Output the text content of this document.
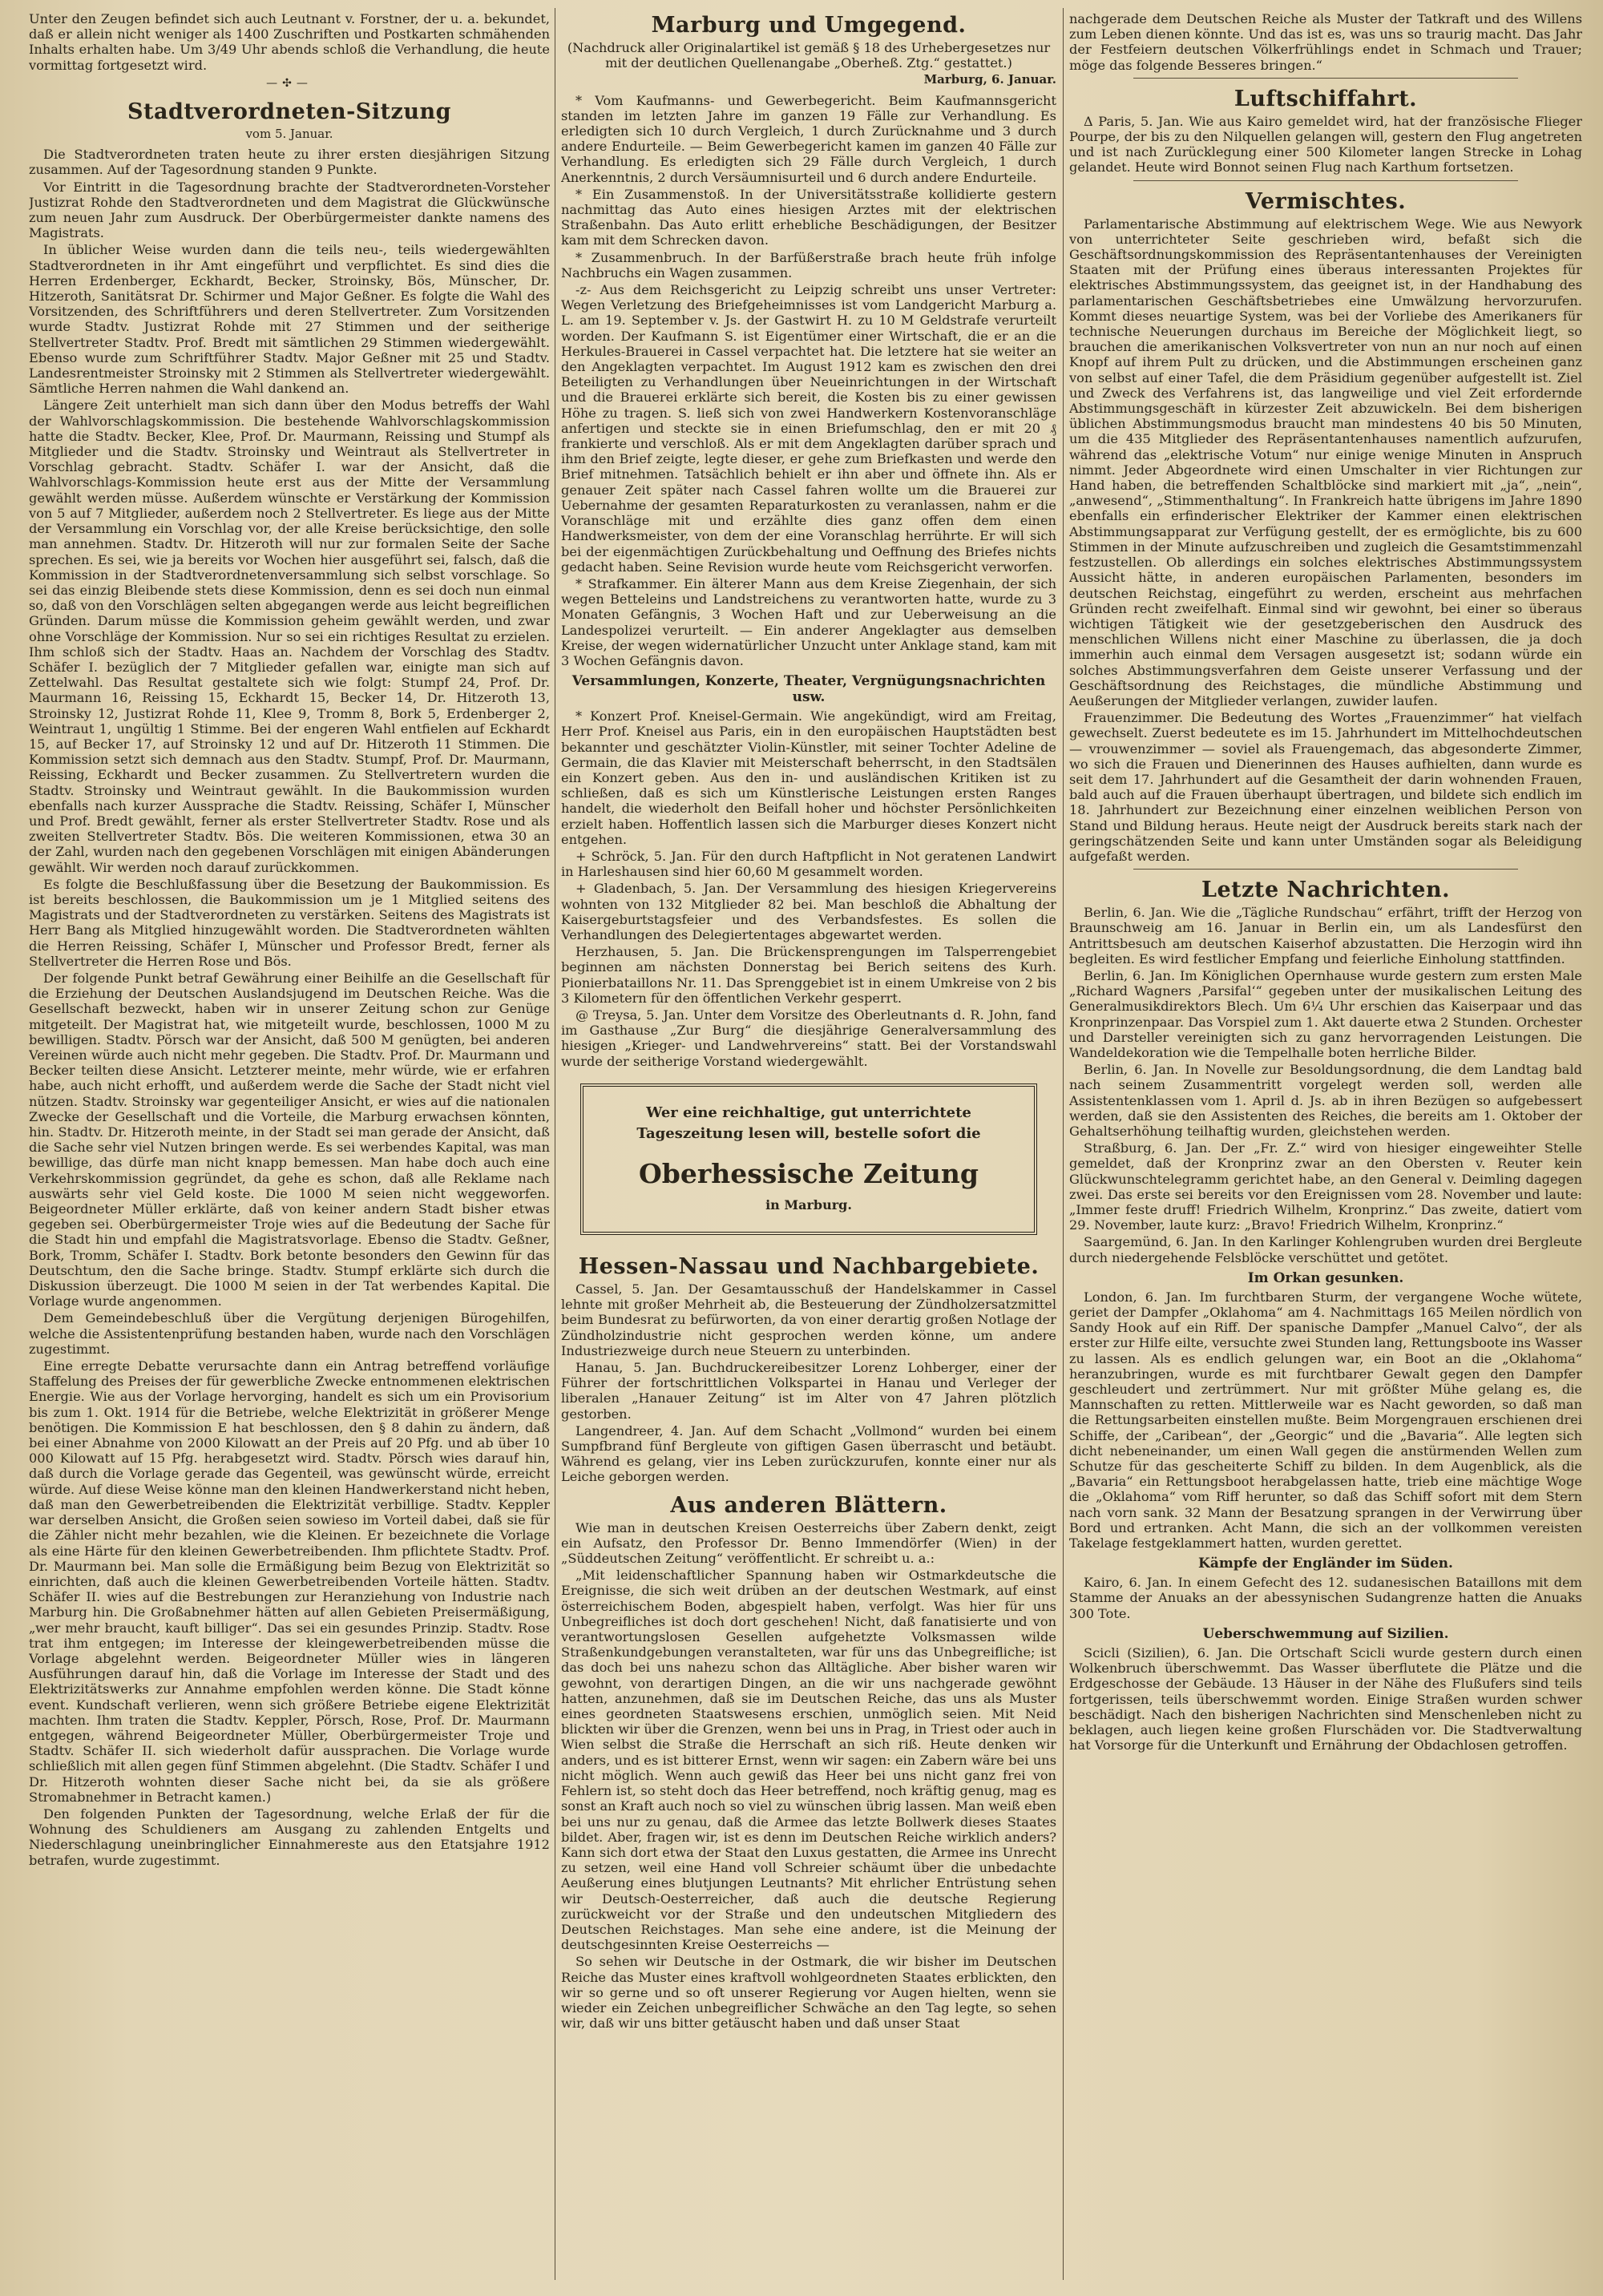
Unter den Zeugen befindet sich auch Leutnant v. Forstner, der u. a. bekundet, daß er allein nicht weniger als 1400 Zuschriften und Postkarten schmähenden Inhalts erhalten habe. Um 3/49 Uhr abends schloß die Verhandlung, die heute vormittag fortgesetzt wird.

—✣—
Stadtverordneten-Sitzung
vom 5. Januar.

Die Stadtverordneten traten heute zu ihrer ersten diesjährigen Sitzung zusammen. Auf der Tagesordnung standen 9 Punkte.

Vor Eintritt in die Tagesordnung brachte der Stadtverordneten-Vorsteher Justizrat Rohde den Stadtverordneten und dem Magistrat die Glückwünsche zum neuen Jahr zum Ausdruck. Der Oberbürgermeister dankte namens des Magistrats.

In üblicher Weise wurden dann die teils neu-, teils wiedergewählten Stadtverordneten in ihr Amt eingeführt und verpflichtet. Es sind dies die Herren Erdenberger, Eckhardt, Becker, Stroinsky, Bös, Münscher, Dr. Hitzeroth, Sanitätsrat Dr. Schirmer und Major Geßner. Es folgte die Wahl des Vorsitzenden, des Schriftführers und deren Stellvertreter. Zum Vorsitzenden wurde Stadtv. Justizrat Rohde mit 27 Stimmen und der seitherige Stellvertreter Stadtv. Prof. Bredt mit sämtlichen 29 Stimmen wiedergewählt. Ebenso wurde zum Schriftführer Stadtv. Major Geßner mit 25 und Stadtv. Landesrentmeister Stroinsky mit 2 Stimmen als Stellvertreter wiedergewählt. Sämtliche Herren nahmen die Wahl dankend an.

Längere Zeit unterhielt man sich dann über den Modus betreffs der Wahl der Wahlvorschlagskommission. Die bestehende Wahlvorschlagskommission hatte die Stadtv. Becker, Klee, Prof. Dr. Maurmann, Reissing und Stumpf als Mitglieder und die Stadtv. Stroinsky und Weintraut als Stellvertreter in Vorschlag gebracht. Stadtv. Schäfer I. war der Ansicht, daß die Wahlvorschlags-Kommission heute erst aus der Mitte der Versammlung gewählt werden müsse. Außerdem wünschte er Verstärkung der Kommission von 5 auf 7 Mitglieder, außerdem noch 2 Stellvertreter. Es liege aus der Mitte der Versammlung ein Vorschlag vor, der alle Kreise berücksichtige, den solle man annehmen. Stadtv. Dr. Hitzeroth will nur zur formalen Seite der Sache sprechen. Es sei, wie ja bereits vor Wochen hier ausgeführt sei, falsch, daß die Kommission in der Stadtverordnetenversammlung sich selbst vorschlage. So sei das einzig Bleibende stets diese Kommission, denn es sei doch nun einmal so, daß von den Vorschlägen selten abgegangen werde aus leicht begreiflichen Gründen. Darum müsse die Kommission geheim gewählt werden, und zwar ohne Vorschläge der Kommission. Nur so sei ein richtiges Resultat zu erzielen. Ihm schloß sich der Stadtv. Haas an. Nachdem der Vorschlag des Stadtv. Schäfer I. bezüglich der 7 Mitglieder gefallen war, einigte man sich auf Zettelwahl. Das Resultat gestaltete sich wie folgt: Stumpf 24, Prof. Dr. Maurmann 16, Reissing 15, Eckhardt 15, Becker 14, Dr. Hitzeroth 13, Stroinsky 12, Justizrat Rohde 11, Klee 9, Tromm 8, Bork 5, Erdenberger 2, Weintraut 1, ungültig 1 Stimme. Bei der engeren Wahl entfielen auf Eckhardt 15, auf Becker 17, auf Stroinsky 12 und auf Dr. Hitzeroth 11 Stimmen. Die Kommission setzt sich demnach aus den Stadtv. Stumpf, Prof. Dr. Maurmann, Reissing, Eckhardt und Becker zusammen. Zu Stellvertretern wurden die Stadtv. Stroinsky und Weintraut gewählt. In die Baukommission wurden ebenfalls nach kurzer Aussprache die Stadtv. Reissing, Schäfer I, Münscher und Prof. Bredt gewählt, ferner als erster Stellvertreter Stadtv. Rose und als zweiten Stellvertreter Stadtv. Bös. Die weiteren Kommissionen, etwa 30 an der Zahl, wurden nach den gegebenen Vorschlägen mit einigen Abänderungen gewählt. Wir werden noch darauf zurückkommen.

Es folgte die Beschlußfassung über die Besetzung der Baukommission. Es ist bereits beschlossen, die Baukommission um je 1 Mitglied seitens des Magistrats und der Stadtverordneten zu verstärken. Seitens des Magistrats ist Herr Bang als Mitglied hinzugewählt worden. Die Stadtverordneten wählten die Herren Reissing, Schäfer I, Münscher und Professor Bredt, ferner als Stellvertreter die Herren Rose und Bös.

Der folgende Punkt betraf Gewährung einer Beihilfe an die Gesellschaft für die Erziehung der Deutschen Auslandsjugend im Deutschen Reiche. Was die Gesellschaft bezweckt, haben wir in unserer Zeitung schon zur Genüge mitgeteilt. Der Magistrat hat, wie mitgeteilt wurde, beschlossen, 1000 M zu bewilligen. Stadtv. Pörsch war der Ansicht, daß 500 M genügten, bei anderen Vereinen würde auch nicht mehr gegeben. Die Stadtv. Prof. Dr. Maurmann und Becker teilten diese Ansicht. Letzterer meinte, mehr würde, wie er erfahren habe, auch nicht erhofft, und außerdem werde die Sache der Stadt nicht viel nützen. Stadtv. Stroinsky war gegenteiliger Ansicht, er wies auf die nationalen Zwecke der Gesellschaft und die Vorteile, die Marburg erwachsen könnten, hin. Stadtv. Dr. Hitzeroth meinte, in der Stadt sei man gerade der Ansicht, daß die Sache sehr viel Nutzen bringen werde. Es sei werbendes Kapital, was man bewillige, das dürfe man nicht knapp bemessen. Man habe doch auch eine Verkehrskommission gegründet, da gehe es schon, daß alle Reklame nach auswärts sehr viel Geld koste. Die 1000 M seien nicht weggeworfen. Beigeordneter Müller erklärte, daß von keiner andern Stadt bisher etwas gegeben sei. Oberbürgermeister Troje wies auf die Bedeutung der Sache für die Stadt hin und empfahl die Magistratsvorlage. Ebenso die Stadtv. Geßner, Bork, Tromm, Schäfer I. Stadtv. Bork betonte besonders den Gewinn für das Deutschtum, den die Sache bringe. Stadtv. Stumpf erklärte sich durch die Diskussion überzeugt. Die 1000 M seien in der Tat werbendes Kapital. Die Vorlage wurde angenommen.

Dem Gemeindebeschluß über die Vergütung derjenigen Bürogehilfen, welche die Assistentenprüfung bestanden haben, wurde nach den Vorschlägen zugestimmt.

Eine erregte Debatte verursachte dann ein Antrag betreffend vorläufige Staffelung des Preises der für gewerbliche Zwecke entnommenen elektrischen Energie. Wie aus der Vorlage hervorging, handelt es sich um ein Provisorium bis zum 1. Okt. 1914 für die Betriebe, welche Elektrizität in größerer Menge benötigen. Die Kommission E hat beschlossen, den § 8 dahin zu ändern, daß bei einer Abnahme von 2000 Kilowatt an der Preis auf 20 Pfg. und ab über 10 000 Kilowatt auf 15 Pfg. herabgesetzt wird. Stadtv. Pörsch wies darauf hin, daß durch die Vorlage gerade das Gegenteil, was gewünscht würde, erreicht würde. Auf diese Weise könne man den kleinen Handwerkerstand nicht heben, daß man den Gewerbetreibenden die Elektrizität verbillige. Stadtv. Keppler war derselben Ansicht, die Großen seien sowieso im Vorteil dabei, daß sie für die Zähler nicht mehr bezahlen, wie die Kleinen. Er bezeichnete die Vorlage als eine Härte für den kleinen Gewerbetreibenden. Ihm pflichtete Stadtv. Prof. Dr. Maurmann bei. Man solle die Ermäßigung beim Bezug von Elektrizität so einrichten, daß auch die kleinen Gewerbetreibenden Vorteile hätten. Stadtv. Schäfer II. wies auf die Bestrebungen zur Heranziehung von Industrie nach Marburg hin. Die Großabnehmer hätten auf allen Gebieten Preisermäßigung, „wer mehr braucht, kauft billiger“. Das sei ein gesundes Prinzip. Stadtv. Rose trat ihm entgegen; im Interesse der kleingewerbetreibenden müsse die Vorlage abgelehnt werden. Beigeordneter Müller wies in längeren Ausführungen darauf hin, daß die Vorlage im Interesse der Stadt und des Elektrizitätswerks zur Annahme empfohlen werden könne. Die Stadt könne event. Kundschaft verlieren, wenn sich größere Betriebe eigene Elektrizität machten. Ihm traten die Stadtv. Keppler, Pörsch, Rose, Prof. Dr. Maurmann entgegen, während Beigeordneter Müller, Oberbürgermeister Troje und Stadtv. Schäfer II. sich wiederholt dafür aussprachen. Die Vorlage wurde schließlich mit allen gegen fünf Stimmen abgelehnt. (Die Stadtv. Schäfer I und Dr. Hitzeroth wohnten dieser Sache nicht bei, da sie als größere Stromabnehmer in Betracht kamen.)

Den folgenden Punkten der Tagesordnung, welche Erlaß der für die Wohnung des Schuldieners am Ausgang zu zahlenden Entgelts und Niederschlagung uneinbringlicher Einnahmereste aus den Etatsjahre 1912 betrafen, wurde zugestimmt.

Marburg und Umgegend.

(Nachdruck aller Originalartikel ist gemäß § 18 des Urhebergesetzes nur mit der deutlichen Quellenangabe „Oberheß. Ztg.“ gestattet.)

Marburg, 6. Januar.

* Vom Kaufmanns- und Gewerbegericht. Beim Kaufmannsgericht standen im letzten Jahre im ganzen 19 Fälle zur Verhandlung. Es erledigten sich 10 durch Vergleich, 1 durch Zurücknahme und 3 durch andere Endurteile. — Beim Gewerbegericht kamen im ganzen 40 Fälle zur Verhandlung. Es erledigten sich 29 Fälle durch Vergleich, 1 durch Anerkenntnis, 2 durch Versäumnisurteil und 6 durch andere Endurteile.

* Ein Zusammenstoß. In der Universitätsstraße kollidierte gestern nachmittag das Auto eines hiesigen Arztes mit der elektrischen Straßenbahn. Das Auto erlitt erhebliche Beschädigungen, der Besitzer kam mit dem Schrecken davon.

* Zusammenbruch. In der Barfüßerstraße brach heute früh infolge Nachbruchs ein Wagen zusammen.

-z- Aus dem Reichsgericht zu Leipzig schreibt uns unser Vertreter: Wegen Verletzung des Briefgeheimnisses ist vom Landgericht Marburg a. L. am 19. September v. Js. der Gastwirt H. zu 10 M Geldstrafe verurteilt worden. Der Kaufmann S. ist Eigentümer einer Wirtschaft, die er an die Herkules-Brauerei in Cassel verpachtet hat. Die letztere hat sie weiter an den Angeklagten verpachtet. Im August 1912 kam es zwischen den drei Beteiligten zu Verhandlungen über Neueinrichtungen in der Wirtschaft und die Brauerei erklärte sich bereit, die Kosten bis zu einer gewissen Höhe zu tragen. S. ließ sich von zwei Handwerkern Kostenvoranschläge anfertigen und steckte sie in einen Briefumschlag, den er mit 20 ₰ frankierte und verschloß. Als er mit dem Angeklagten darüber sprach und ihm den Brief zeigte, legte dieser, er gehe zum Briefkasten und werde den Brief mitnehmen. Tatsächlich behielt er ihn aber und öffnete ihn. Als er genauer Zeit später nach Cassel fahren wollte um die Brauerei zur Uebernahme der gesamten Reparaturkosten zu veranlassen, nahm er die Voranschläge mit und erzählte dies ganz offen dem einen Handwerksmeister, von dem der eine Voranschlag herrührte. Er will sich bei der eigenmächtigen Zurückbehaltung und Oeffnung des Briefes nichts gedacht haben. Seine Revision wurde heute vom Reichsgericht verworfen.

* Strafkammer. Ein älterer Mann aus dem Kreise Ziegenhain, der sich wegen Betteleins und Landstreichens zu verantworten hatte, wurde zu 3 Monaten Gefängnis, 3 Wochen Haft und zur Ueberweisung an die Landespolizei verurteilt. — Ein anderer Angeklagter aus demselben Kreise, der wegen widernatürlicher Unzucht unter Anklage stand, kam mit 3 Wochen Gefängnis davon.

Versammlungen, Konzerte, Theater, Vergnügungsnachrichten usw.

* Konzert Prof. Kneisel-Germain. Wie angekündigt, wird am Freitag, Herr Prof. Kneisel aus Paris, ein in den europäischen Hauptstädten best bekannter und geschätzter Violin-Künstler, mit seiner Tochter Adeline de Germain, die das Klavier mit Meisterschaft beherrscht, in den Stadtsälen ein Konzert geben. Aus den in- und ausländischen Kritiken ist zu schließen, daß es sich um Künstlerische Leistungen ersten Ranges handelt, die wiederholt den Beifall hoher und höchster Persönlichkeiten erzielt haben. Hoffentlich lassen sich die Marburger dieses Konzert nicht entgehen.

+ Schröck, 5. Jan. Für den durch Haftpflicht in Not geratenen Landwirt in Harleshausen sind hier 60,60 M gesammelt worden.

+ Gladenbach, 5. Jan. Der Versammlung des hiesigen Kriegervereins wohnten von 132 Mitglieder 82 bei. Man beschloß die Abhaltung der Kaisergeburtstagsfeier und des Verbandsfestes. Es sollen die Verhandlungen des Delegiertentages abgewartet werden.

Herzhausen, 5. Jan. Die Brückensprengungen im Talsperrengebiet beginnen am nächsten Donnerstag bei Berich seitens des Kurh. Pionierbataillons Nr. 11. Das Sprenggebiet ist in einem Umkreise von 2 bis 3 Kilometern für den öffentlichen Verkehr gesperrt.

@ Treysa, 5. Jan. Unter dem Vorsitze des Oberleutnants d. R. John, fand im Gasthause „Zur Burg“ die diesjährige Generalversammlung des hiesigen „Krieger- und Landwehrvereins“ statt. Bei der Vorstandswahl wurde der seitherige Vorstand wiedergewählt.

Wer eine reichhaltige, gut unterrichtete
Tageszeitung lesen will, bestelle sofort die
Oberhessische Zeitung
in Marburg.
Hessen-Nassau und Nachbargebiete.

Cassel, 5. Jan. Der Gesamtausschuß der Handelskammer in Cassel lehnte mit großer Mehrheit ab, die Besteuerung der Zündholzersatzmittel beim Bundesrat zu befürworten, da von einer derartig großen Notlage der Zündholzindustrie nicht gesprochen werden könne, um andere Industriezweige durch neue Steuern zu unterbinden.

Hanau, 5. Jan. Buchdruckereibesitzer Lorenz Lohberger, einer der Führer der fortschrittlichen Volkspartei in Hanau und Verleger der liberalen „Hanauer Zeitung“ ist im Alter von 47 Jahren plötzlich gestorben.

Langendreer, 4. Jan. Auf dem Schacht „Vollmond“ wurden bei einem Sumpfbrand fünf Bergleute von giftigen Gasen überrascht und betäubt. Während es gelang, vier ins Leben zurückzurufen, konnte einer nur als Leiche geborgen werden.

Aus anderen Blättern.

Wie man in deutschen Kreisen Oesterreichs über Zabern denkt, zeigt ein Aufsatz, den Professor Dr. Benno Immendörfer (Wien) in der „Süddeutschen Zeitung“ veröffentlicht. Er schreibt u. a.:

„Mit leidenschaftlicher Spannung haben wir Ostmarkdeutsche die Ereignisse, die sich weit drüben an der deutschen Westmark, auf einst österreichischem Boden, abgespielt haben, verfolgt. Was hier für uns Unbegreifliches ist doch dort geschehen! Nicht, daß fanatisierte und von verantwortungslosen Gesellen aufgehetzte Volksmassen wilde Straßenkundgebungen veranstalteten, war für uns das Unbegreifliche; ist das doch bei uns nahezu schon das Alltägliche. Aber bisher waren wir gewohnt, von derartigen Dingen, an die wir uns nachgerade gewöhnt hatten, anzunehmen, daß sie im Deutschen Reiche, das uns als Muster eines geordneten Staatswesens erschien, unmöglich seien. Mit Neid blickten wir über die Grenzen, wenn bei uns in Prag, in Triest oder auch in Wien selbst die Straße die Herrschaft an sich riß. Heute denken wir anders, und es ist bitterer Ernst, wenn wir sagen: ein Zabern wäre bei uns nicht möglich. Wenn auch gewiß das Heer bei uns nicht ganz frei von Fehlern ist, so steht doch das Heer betreffend, noch kräftig genug, mag es sonst an Kraft auch noch so viel zu wünschen übrig lassen. Man weiß eben bei uns nur zu genau, daß die Armee das letzte Bollwerk dieses Staates bildet. Aber, fragen wir, ist es denn im Deutschen Reiche wirklich anders? Kann sich dort etwa der Staat den Luxus gestatten, die Armee ins Unrecht zu setzen, weil eine Hand voll Schreier schäumt über die unbedachte Aeußerung eines blutjungen Leutnants? Mit ehrlicher Entrüstung sehen wir Deutsch-Oesterreicher, daß auch die deutsche Regierung zurückweicht vor der Straße und den undeutschen Mitgliedern des Deutschen Reichstages. Man sehe eine andere, ist die Meinung der deutschgesinnten Kreise Oesterreichs —

So sehen wir Deutsche in der Ostmark, die wir bisher im Deutschen Reiche das Muster eines kraftvoll wohlgeordneten Staates erblickten, den wir so gerne und so oft unserer Regierung vor Augen hielten, wenn sie wieder ein Zeichen unbegreiflicher Schwäche an den Tag legte, so sehen wir, daß wir uns bitter getäuscht haben und daß unser Staat

nachgerade dem Deutschen Reiche als Muster der Tatkraft und des Willens zum Leben dienen könnte. Und das ist es, was uns so traurig macht. Das Jahr der Festfeiern deutschen Völkerfrühlings endet in Schmach und Trauer; möge das folgende Besseres bringen.“

Luftschiffahrt.

Δ Paris, 5. Jan. Wie aus Kairo gemeldet wird, hat der französische Flieger Pourpe, der bis zu den Nilquellen gelangen will, gestern den Flug angetreten und ist nach Zurücklegung einer 500 Kilometer langen Strecke in Lohag gelandet. Heute wird Bonnot seinen Flug nach Karthum fortsetzen.

Vermischtes.

Parlamentarische Abstimmung auf elektrischem Wege. Wie aus Newyork von unterrichteter Seite geschrieben wird, befaßt sich die Geschäftsordnungskommission des Repräsentantenhauses der Vereinigten Staaten mit der Prüfung eines überaus interessanten Projektes für elektrisches Abstimmungssystem, das geeignet ist, in der Handhabung des parlamentarischen Geschäftsbetriebes eine Umwälzung hervorzurufen. Kommt dieses neuartige System, was bei der Vorliebe des Amerikaners für technische Neuerungen durchaus im Bereiche der Möglichkeit liegt, so brauchen die amerikanischen Volksvertreter von nun an nur noch auf einen Knopf auf ihrem Pult zu drücken, und die Abstimmungen erscheinen ganz von selbst auf einer Tafel, die dem Präsidium gegenüber aufgestellt ist. Ziel und Zweck des Verfahrens ist, das langweilige und viel Zeit erfordernde Abstimmungsgeschäft in kürzester Zeit abzuwickeln. Bei dem bisherigen üblichen Abstimmungsmodus braucht man mindestens 40 bis 50 Minuten, um die 435 Mitglieder des Repräsentantenhauses namentlich aufzurufen, während das „elektrische Votum“ nur einige wenige Minuten in Anspruch nimmt. Jeder Abgeordnete wird einen Umschalter in vier Richtungen zur Hand haben, die betreffenden Schaltblöcke sind markiert mit „ja“, „nein“, „anwesend“, „Stimmenthaltung“. In Frankreich hatte übrigens im Jahre 1890 ebenfalls ein erfinderischer Elektriker der Kammer einen elektrischen Abstimmungsapparat zur Verfügung gestellt, der es ermöglichte, bis zu 600 Stimmen in der Minute aufzuschreiben und zugleich die Gesamtstimmenzahl festzustellen. Ob allerdings ein solches elektrisches Abstimmungssystem Aussicht hätte, in anderen europäischen Parlamenten, besonders im deutschen Reichstag, eingeführt zu werden, erscheint aus mehrfachen Gründen recht zweifelhaft. Einmal sind wir gewohnt, bei einer so überaus wichtigen Tätigkeit wie der gesetzgeberischen den Ausdruck des menschlichen Willens nicht einer Maschine zu überlassen, die ja doch immerhin auch einmal dem Versagen ausgesetzt ist; sodann würde ein solches Abstimmungsverfahren dem Geiste unserer Verfassung und der Geschäftsordnung des Reichstages, die mündliche Abstimmung und Aeußerungen der Mitglieder verlangen, zuwider laufen.

Frauenzimmer. Die Bedeutung des Wortes „Frauenzimmer“ hat vielfach gewechselt. Zuerst bedeutete es im 15. Jahrhundert im Mittelhochdeutschen — vrouwenzimmer — soviel als Frauengemach, das abgesonderte Zimmer, wo sich die Frauen und Dienerinnen des Hauses aufhielten, dann wurde es seit dem 17. Jahrhundert auf die Gesamtheit der darin wohnenden Frauen, bald auch auf die Frauen überhaupt übertragen, und bildete sich endlich im 18. Jahrhundert zur Bezeichnung einer einzelnen weiblichen Person von Stand und Bildung heraus. Heute neigt der Ausdruck bereits stark nach der geringschätzenden Seite und kann unter Umständen sogar als Beleidigung aufgefaßt werden.

Letzte Nachrichten.

Berlin, 6. Jan. Wie die „Tägliche Rundschau“ erfährt, trifft der Herzog von Braunschweig am 16. Januar in Berlin ein, um als Landesfürst den Antrittsbesuch am deutschen Kaiserhof abzustatten. Die Herzogin wird ihn begleiten. Es wird festlicher Empfang und feierliche Einholung stattfinden.

Berlin, 6. Jan. Im Königlichen Opernhause wurde gestern zum ersten Male „Richard Wagners ‚Parsifal‘“ gegeben unter der musikalischen Leitung des Generalmusikdirektors Blech. Um 6¼ Uhr erschien das Kaiserpaar und das Kronprinzenpaar. Das Vorspiel zum 1. Akt dauerte etwa 2 Stunden. Orchester und Darsteller vereinigten sich zu ganz hervorragenden Leistungen. Die Wandeldekoration wie die Tempelhalle boten herrliche Bilder.

Berlin, 6. Jan. In Novelle zur Besoldungsordnung, die dem Landtag bald nach seinem Zusammentritt vorgelegt werden soll, werden alle Assistentenklassen vom 1. April d. Js. ab in ihren Bezügen so aufgebessert werden, daß sie den Assistenten des Reiches, die bereits am 1. Oktober der Gehaltserhöhung teilhaftig wurden, gleichstehen werden.

Straßburg, 6. Jan. Der „Fr. Z.“ wird von hiesiger eingeweihter Stelle gemeldet, daß der Kronprinz zwar an den Obersten v. Reuter kein Glückwunschtelegramm gerichtet habe, an den General v. Deimling dagegen zwei. Das erste sei bereits vor den Ereignissen vom 28. November und laute: „Immer feste druff! Friedrich Wilhelm, Kronprinz.“ Das zweite, datiert vom 29. November, laute kurz: „Bravo! Friedrich Wilhelm, Kronprinz.“

Saargemünd, 6. Jan. In den Karlinger Kohlengruben wurden drei Bergleute durch niedergehende Felsblöcke verschüttet und getötet.

Im Orkan gesunken.

London, 6. Jan. Im furchtbaren Sturm, der vergangene Woche wütete, geriet der Dampfer „Oklahoma“ am 4. Nachmittags 165 Meilen nördlich von Sandy Hook auf ein Riff. Der spanische Dampfer „Manuel Calvo“, der als erster zur Hilfe eilte, versuchte zwei Stunden lang, Rettungsboote ins Wasser zu lassen. Als es endlich gelungen war, ein Boot an die „Oklahoma“ heranzubringen, wurde es mit furchtbarer Gewalt gegen den Dampfer geschleudert und zertrümmert. Nur mit größter Mühe gelang es, die Mannschaften zu retten. Mittlerweile war es Nacht geworden, so daß man die Rettungsarbeiten einstellen mußte. Beim Morgengrauen erschienen drei Schiffe, der „Caribean“, der „Georgic“ und die „Bavaria“. Alle legten sich dicht nebeneinander, um einen Wall gegen die anstürmenden Wellen zum Schutze für das gescheiterte Schiff zu bilden. In dem Augenblick, als die „Bavaria“ ein Rettungsboot herabgelassen hatte, trieb eine mächtige Woge die „Oklahoma“ vom Riff herunter, so daß das Schiff sofort mit dem Stern nach vorn sank. 32 Mann der Besatzung sprangen in der Verwirrung über Bord und ertranken. Acht Mann, die sich an der vollkommen vereisten Takelage festgeklammert hatten, wurden gerettet.

Kämpfe der Engländer im Süden.

Kairo, 6. Jan. In einem Gefecht des 12. sudanesischen Bataillons mit dem Stamme der Anuaks an der abessynischen Sudangrenze hatten die Anuaks 300 Tote.

Ueberschwemmung auf Sizilien.

Scicli (Sizilien), 6. Jan. Die Ortschaft Scicli wurde gestern durch einen Wolkenbruch überschwemmt. Das Wasser überflutete die Plätze und die Erdgeschosse der Gebäude. 13 Häuser in der Nähe des Flußufers sind teils fortgerissen, teils überschwemmt worden. Einige Straßen wurden schwer beschädigt. Nach den bisherigen Nachrichten sind Menschenleben nicht zu beklagen, auch liegen keine großen Flurschäden vor. Die Stadtverwaltung hat Vorsorge für die Unterkunft und Ernährung der Obdachlosen getroffen.
